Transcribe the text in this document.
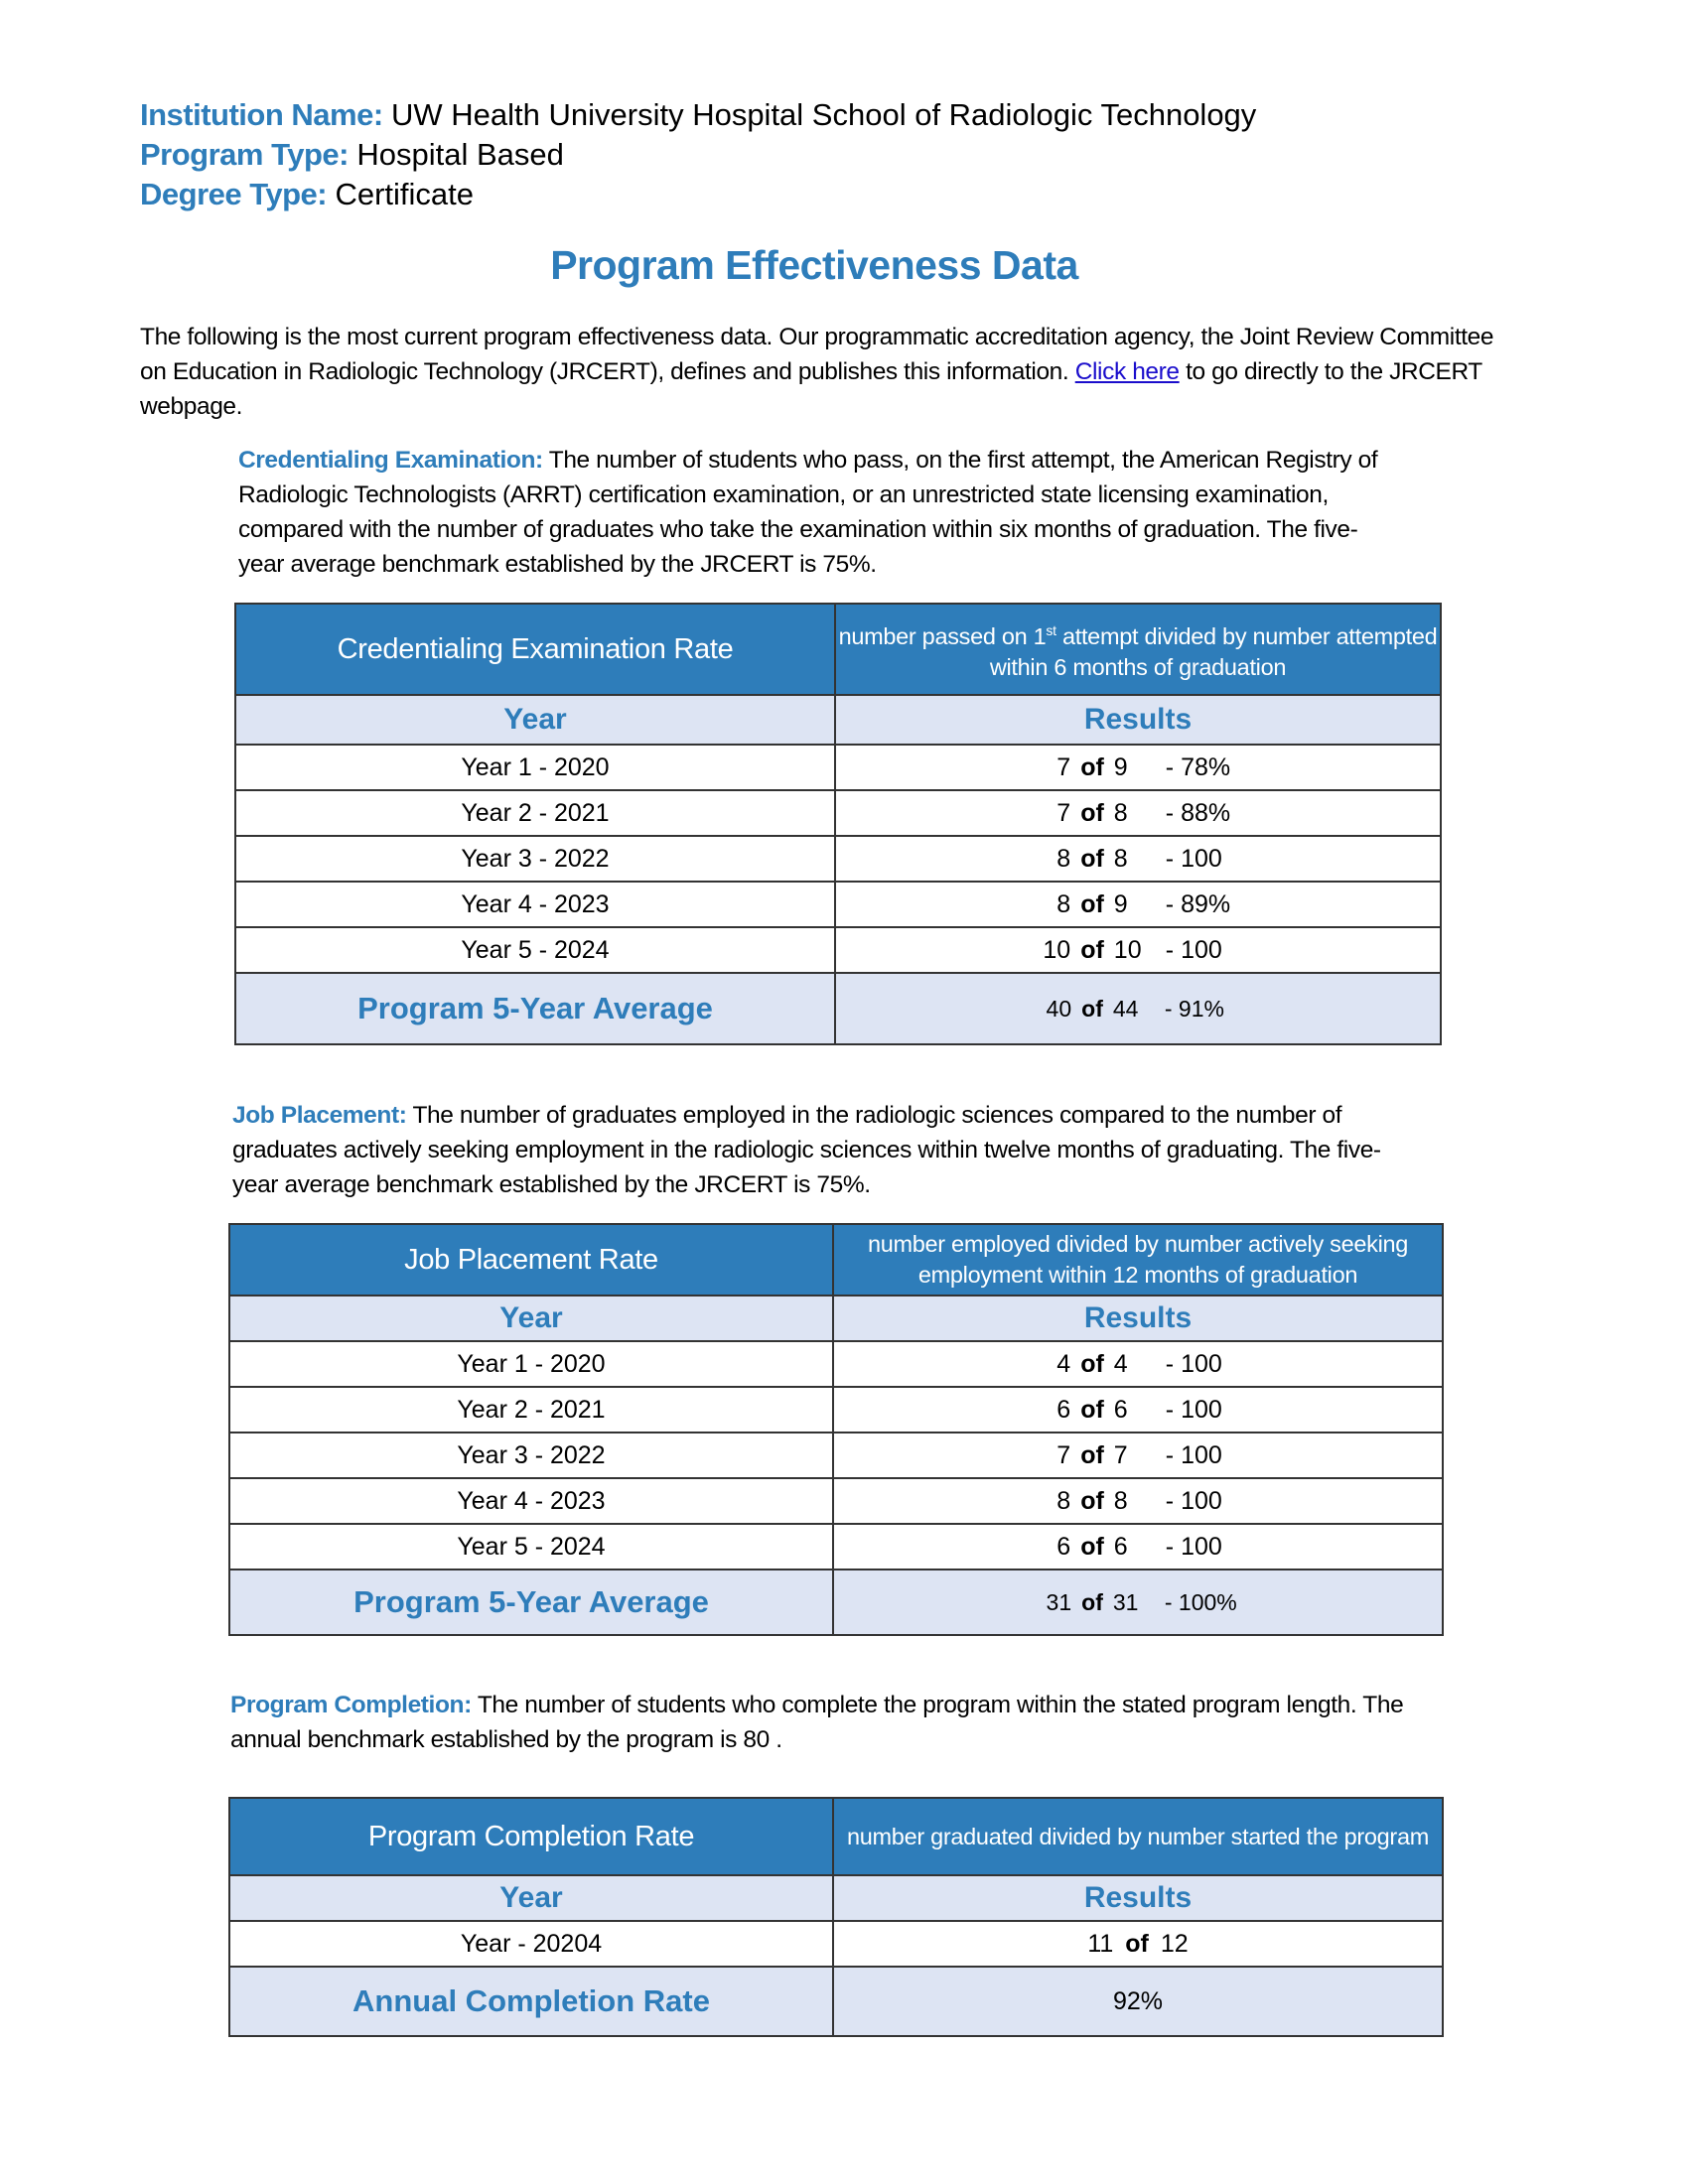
Institution Name: UW Health University Hospital School of Radiologic Technology
Program Type: Hospital Based
Degree Type: Certificate
Program Effectiveness Data
The following is the most current program effectiveness data. Our programmatic accreditation agency, the Joint Review Committee on Education in Radiologic Technology (JRCERT), defines and publishes this information. Click here to go directly to the JRCERT webpage.
Credentialing Examination: The number of students who pass, on the first attempt, the American Registry of Radiologic Technologists (ARRT) certification examination, or an unrestricted state licensing examination, compared with the number of graduates who take the examination within six months of graduation. The five-year average benchmark established by the JRCERT is 75%.
Credentialing Examination Rate	number passed on 1st attempt divided by number attempted within 6 months of graduation
Year	Results
Year 1 - 2020	7 of 9 - 78%
Year 2 - 2021	7 of 8 - 88%
Year 3 - 2022	8 of 8 - 100
Year 4 - 2023	8 of 9 - 89%
Year 5 - 2024	10 of 10 - 100
Program 5-Year Average	40 of 44 - 91%
Job Placement: The number of graduates employed in the radiologic sciences compared to the number of graduates actively seeking employment in the radiologic sciences within twelve months of graduating. The five-year average benchmark established by the JRCERT is 75%.
Job Placement Rate	number employed divided by number actively seeking employment within 12 months of graduation
Year	Results
Year 1 - 2020	4 of 4 - 100
Year 2 - 2021	6 of 6 - 100
Year 3 - 2022	7 of 7 - 100
Year 4 - 2023	8 of 8 - 100
Year 5 - 2024	6 of 6 - 100
Program 5-Year Average	31 of 31 - 100%
Program Completion: The number of students who complete the program within the stated program length. The annual benchmark established by the program is 80 .
Program Completion Rate	number graduated divided by number started the program
Year	Results
Year - 20204	11 of 12
Annual Completion Rate	92%
